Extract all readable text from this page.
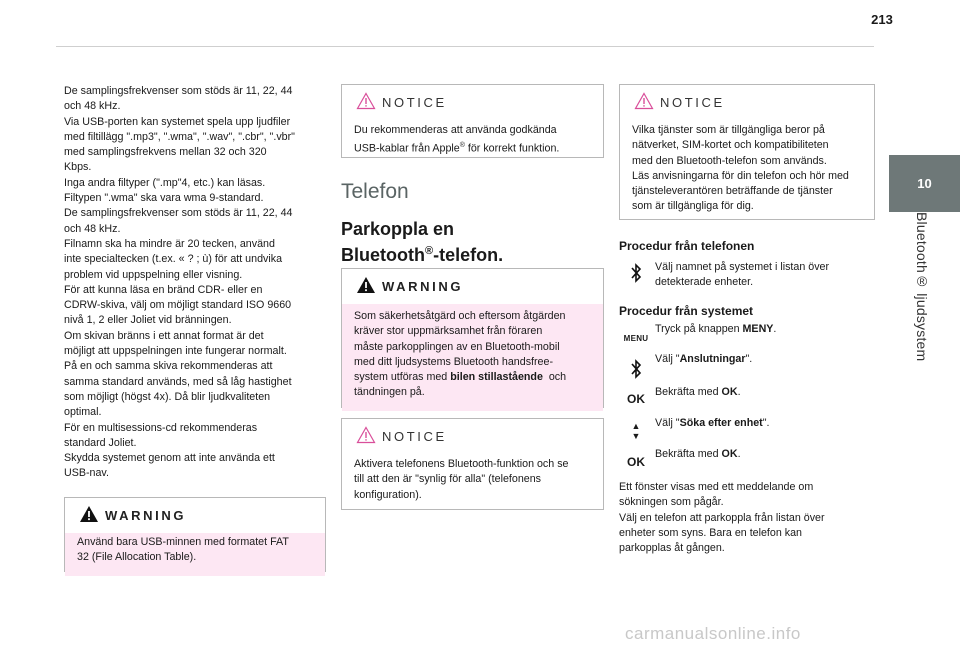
213
10
Bluetooth® ljudsystem
De samplingsfrekvenser som stöds är 11, 22, 44
och 48 kHz.
Via USB-porten kan systemet spela upp ljudfiler
med filtillägg ".mp3", ".wma", ".wav", ".cbr", ".vbr"
med samplingsfrekvens mellan 32 och 320
Kbps.
Inga andra filtyper (".mp"4, etc.) kan läsas.
Filtypen ".wma" ska vara wma 9-standard.
De samplingsfrekvenser som stöds är 11, 22, 44
och 48 kHz.
Filnamn ska ha mindre är 20 tecken, använd
inte specialtecken (t.ex. « ? ; ù) för att undvika
problem vid uppspelning eller visning.
För att kunna läsa en bränd CDR- eller en
CDRW-skiva, välj om möjligt standard ISO 9660
nivå 1, 2 eller Joliet vid bränningen.
Om skivan bränns i ett annat format är det
möjligt att uppspelningen inte fungerar normalt.
På en och samma skiva rekommenderas att
samma standard används, med så låg hastighet
som möjligt (högst 4x). Då blir ljudkvaliteten
optimal.
För en multisessions-cd rekommenderas
standard Joliet.
Skydda systemet genom att inte använda ett
USB-nav.
WARNING
Använd bara USB-minnen med formatet FAT
32 (File Allocation Table).
NOTICE
Du rekommenderas att använda godkända
USB-kablar från Apple® för korrekt funktion.
Telefon
Parkoppla en
Bluetooth®-telefon.
WARNING
Som säkerhetsåtgärd och eftersom åtgärden
kräver stor uppmärksamhet från föraren
måste parkopplingen av en Bluetooth-mobil
med ditt ljudsystems Bluetooth handsfree-
system utföras med bilen stillastående  och
tändningen på.
NOTICE
Aktivera telefonens Bluetooth-funktion och se
till att den är "synlig för alla" (telefonens
konfiguration).
NOTICE
Vilka tjänster som är tillgängliga beror på
nätverket, SIM-kortet och kompatibiliteten
med den Bluetooth-telefon som används.
Läs anvisningarna för din telefon och hör med
tjänsteleverantören beträffande de tjänster
som är tillgängliga för dig.
Procedur från telefonen
Välj namnet på systemet i listan över
detekterade enheter.
Procedur från systemet
MENU
Tryck på knappen MENY.
Välj "Anslutningar".
OK Bekräfta med OK.
▲
▼
Välj "Söka efter enhet".
OK
Bekräfta med OK.
Ett fönster visas med ett meddelande om
sökningen som pågår.
Välj en telefon att parkoppla från listan över
enheter som syns. Bara en telefon kan
parkopplas åt gången.
carmanualsonline.info
